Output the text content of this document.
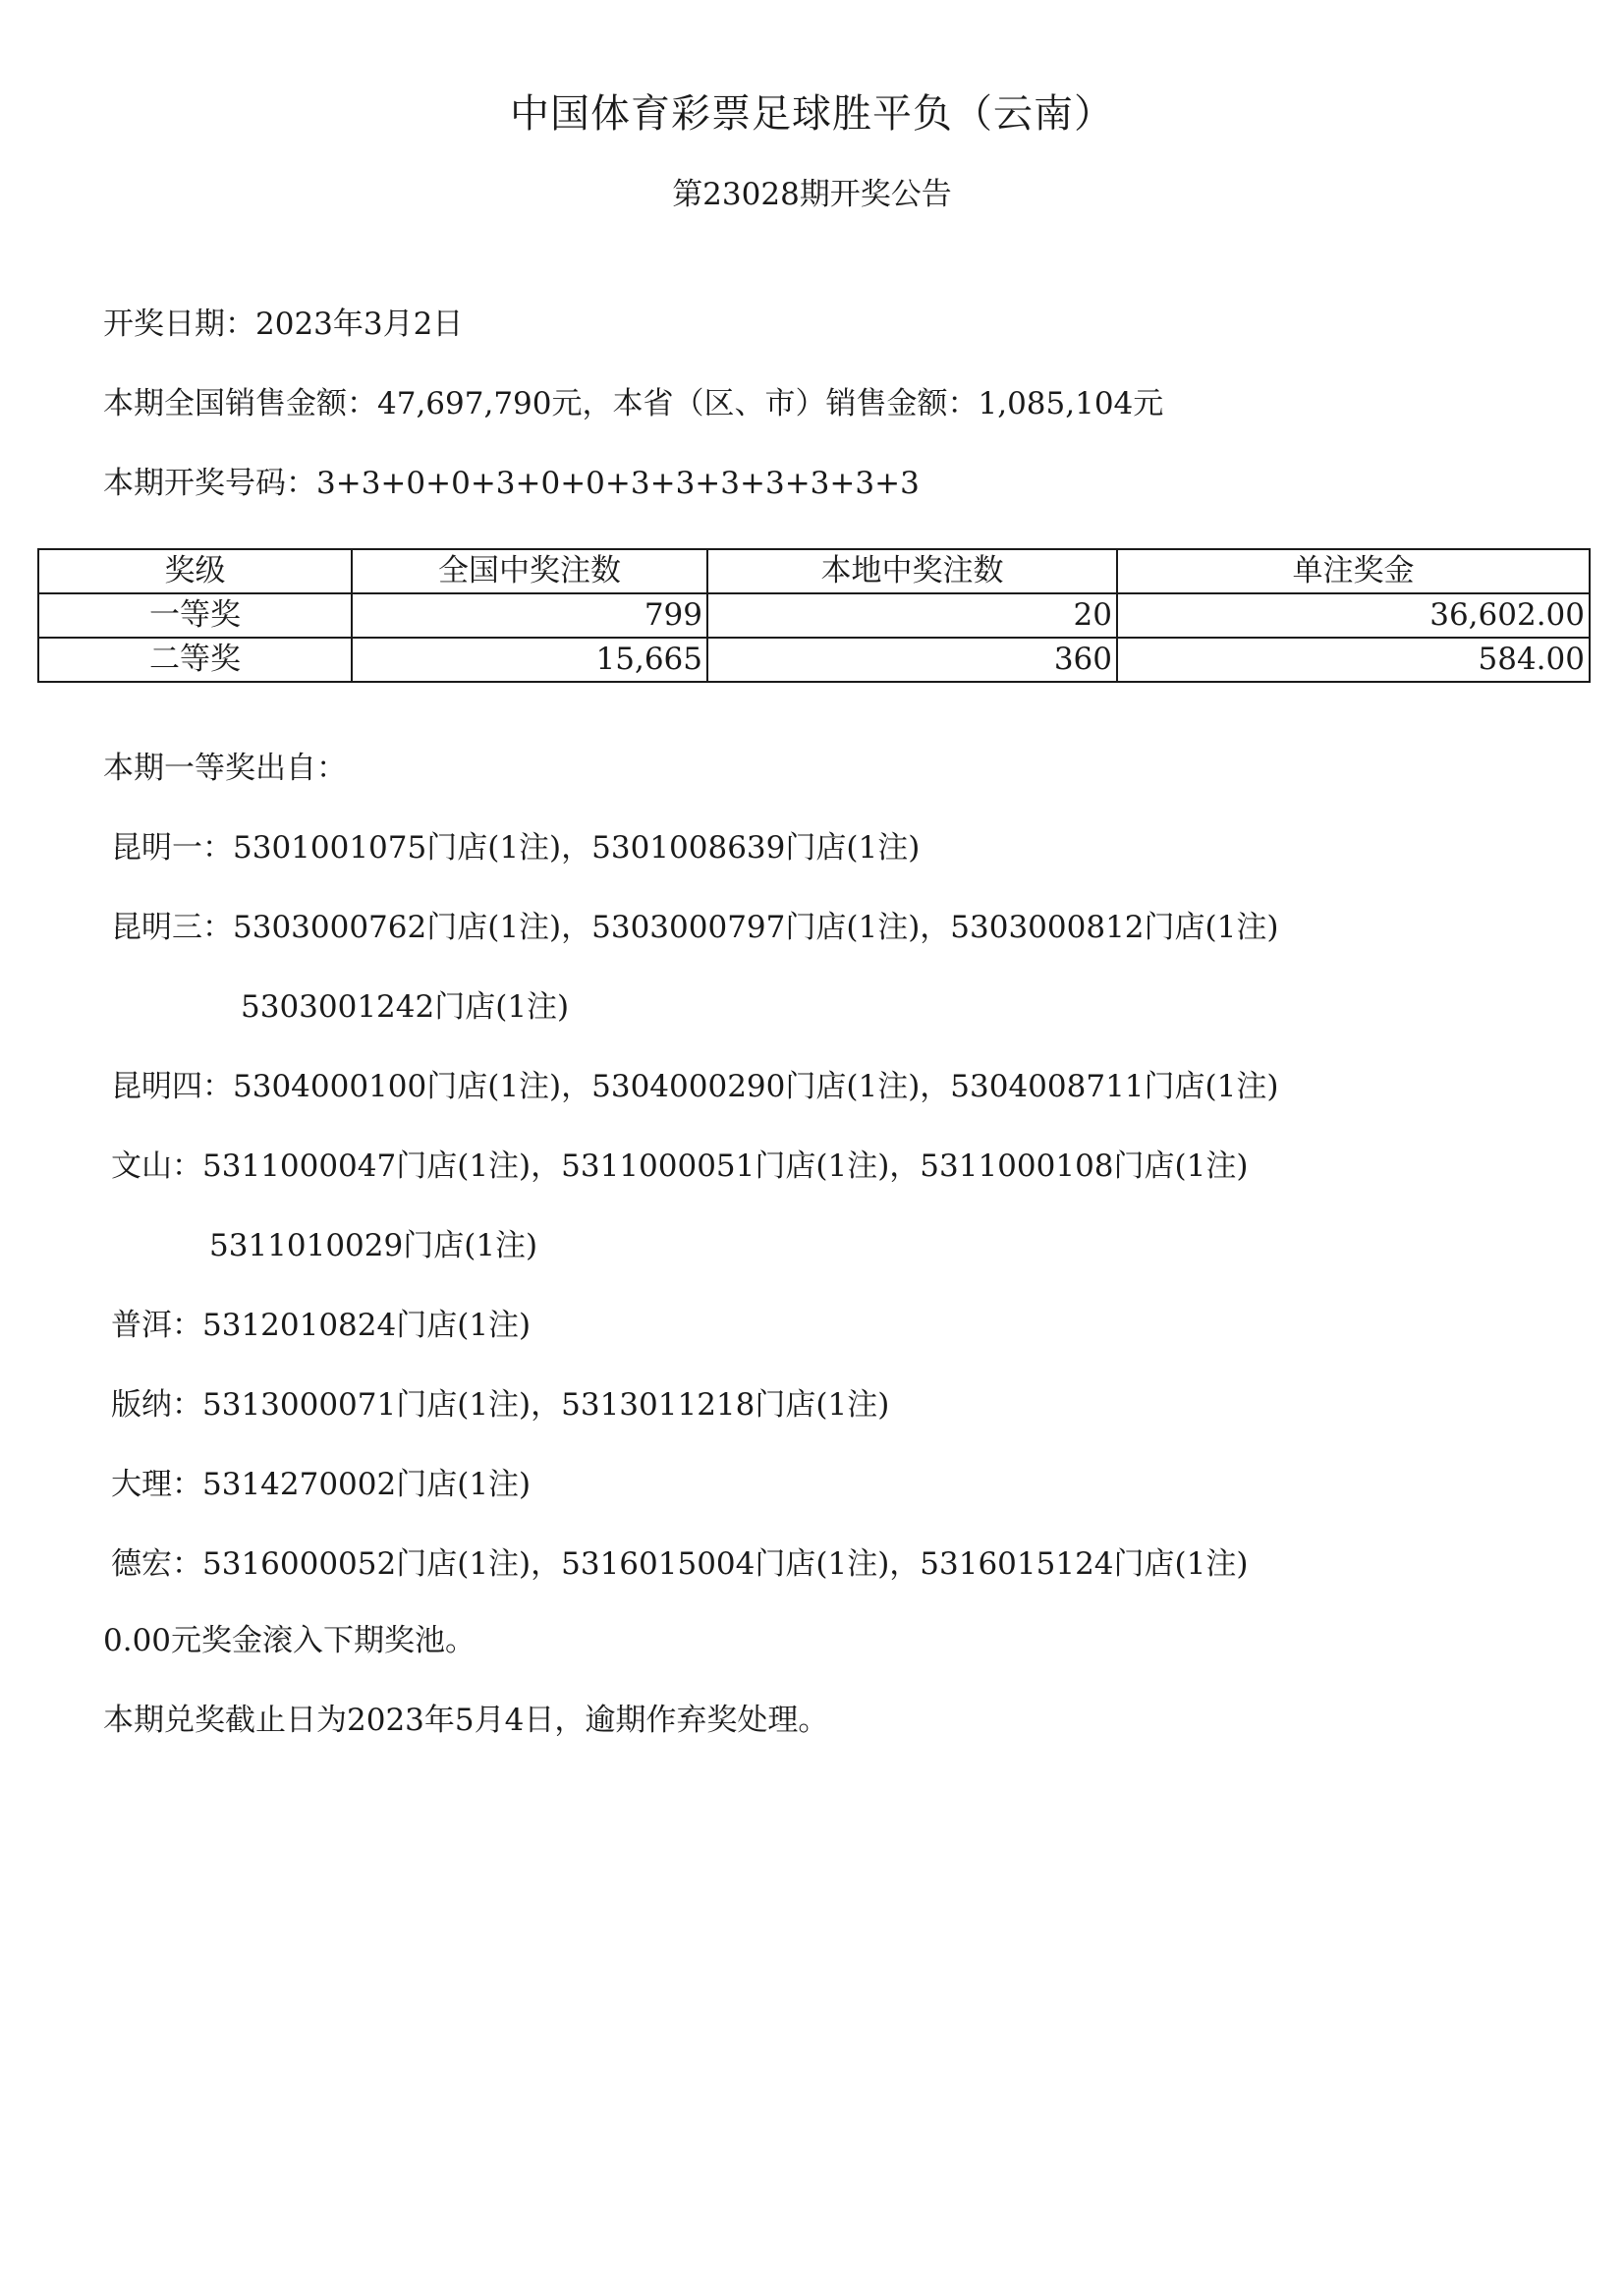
中国体育彩票足球胜平负（云南）
第23028期开奖公告
开奖日期：2023年3月2日
本期全国销售金额：47,697,790元，本省（区、市）销售金额：1,085,104元
本期开奖号码：3+3+0+0+3+0+0+3+3+3+3+3+3+3
奖级	全国中奖注数	本地中奖注数	单注奖金
一等奖	799	20	36,602.00
二等奖	15,665	360	584.00
本期一等奖出自：
昆明一：5301001075门店(1注)，5301008639门店(1注)
昆明三：5303000762门店(1注)，5303000797门店(1注)，5303000812门店(1注)
5303001242门店(1注)
昆明四：5304000100门店(1注)，5304000290门店(1注)，5304008711门店(1注)
文山：5311000047门店(1注)，5311000051门店(1注)，5311000108门店(1注)
5311010029门店(1注)
普洱：5312010824门店(1注)
版纳：5313000071门店(1注)，5313011218门店(1注)
大理：5314270002门店(1注)
德宏：5316000052门店(1注)，5316015004门店(1注)，5316015124门店(1注)
0.00元奖金滚入下期奖池。
本期兑奖截止日为2023年5月4日，逾期作弃奖处理。
